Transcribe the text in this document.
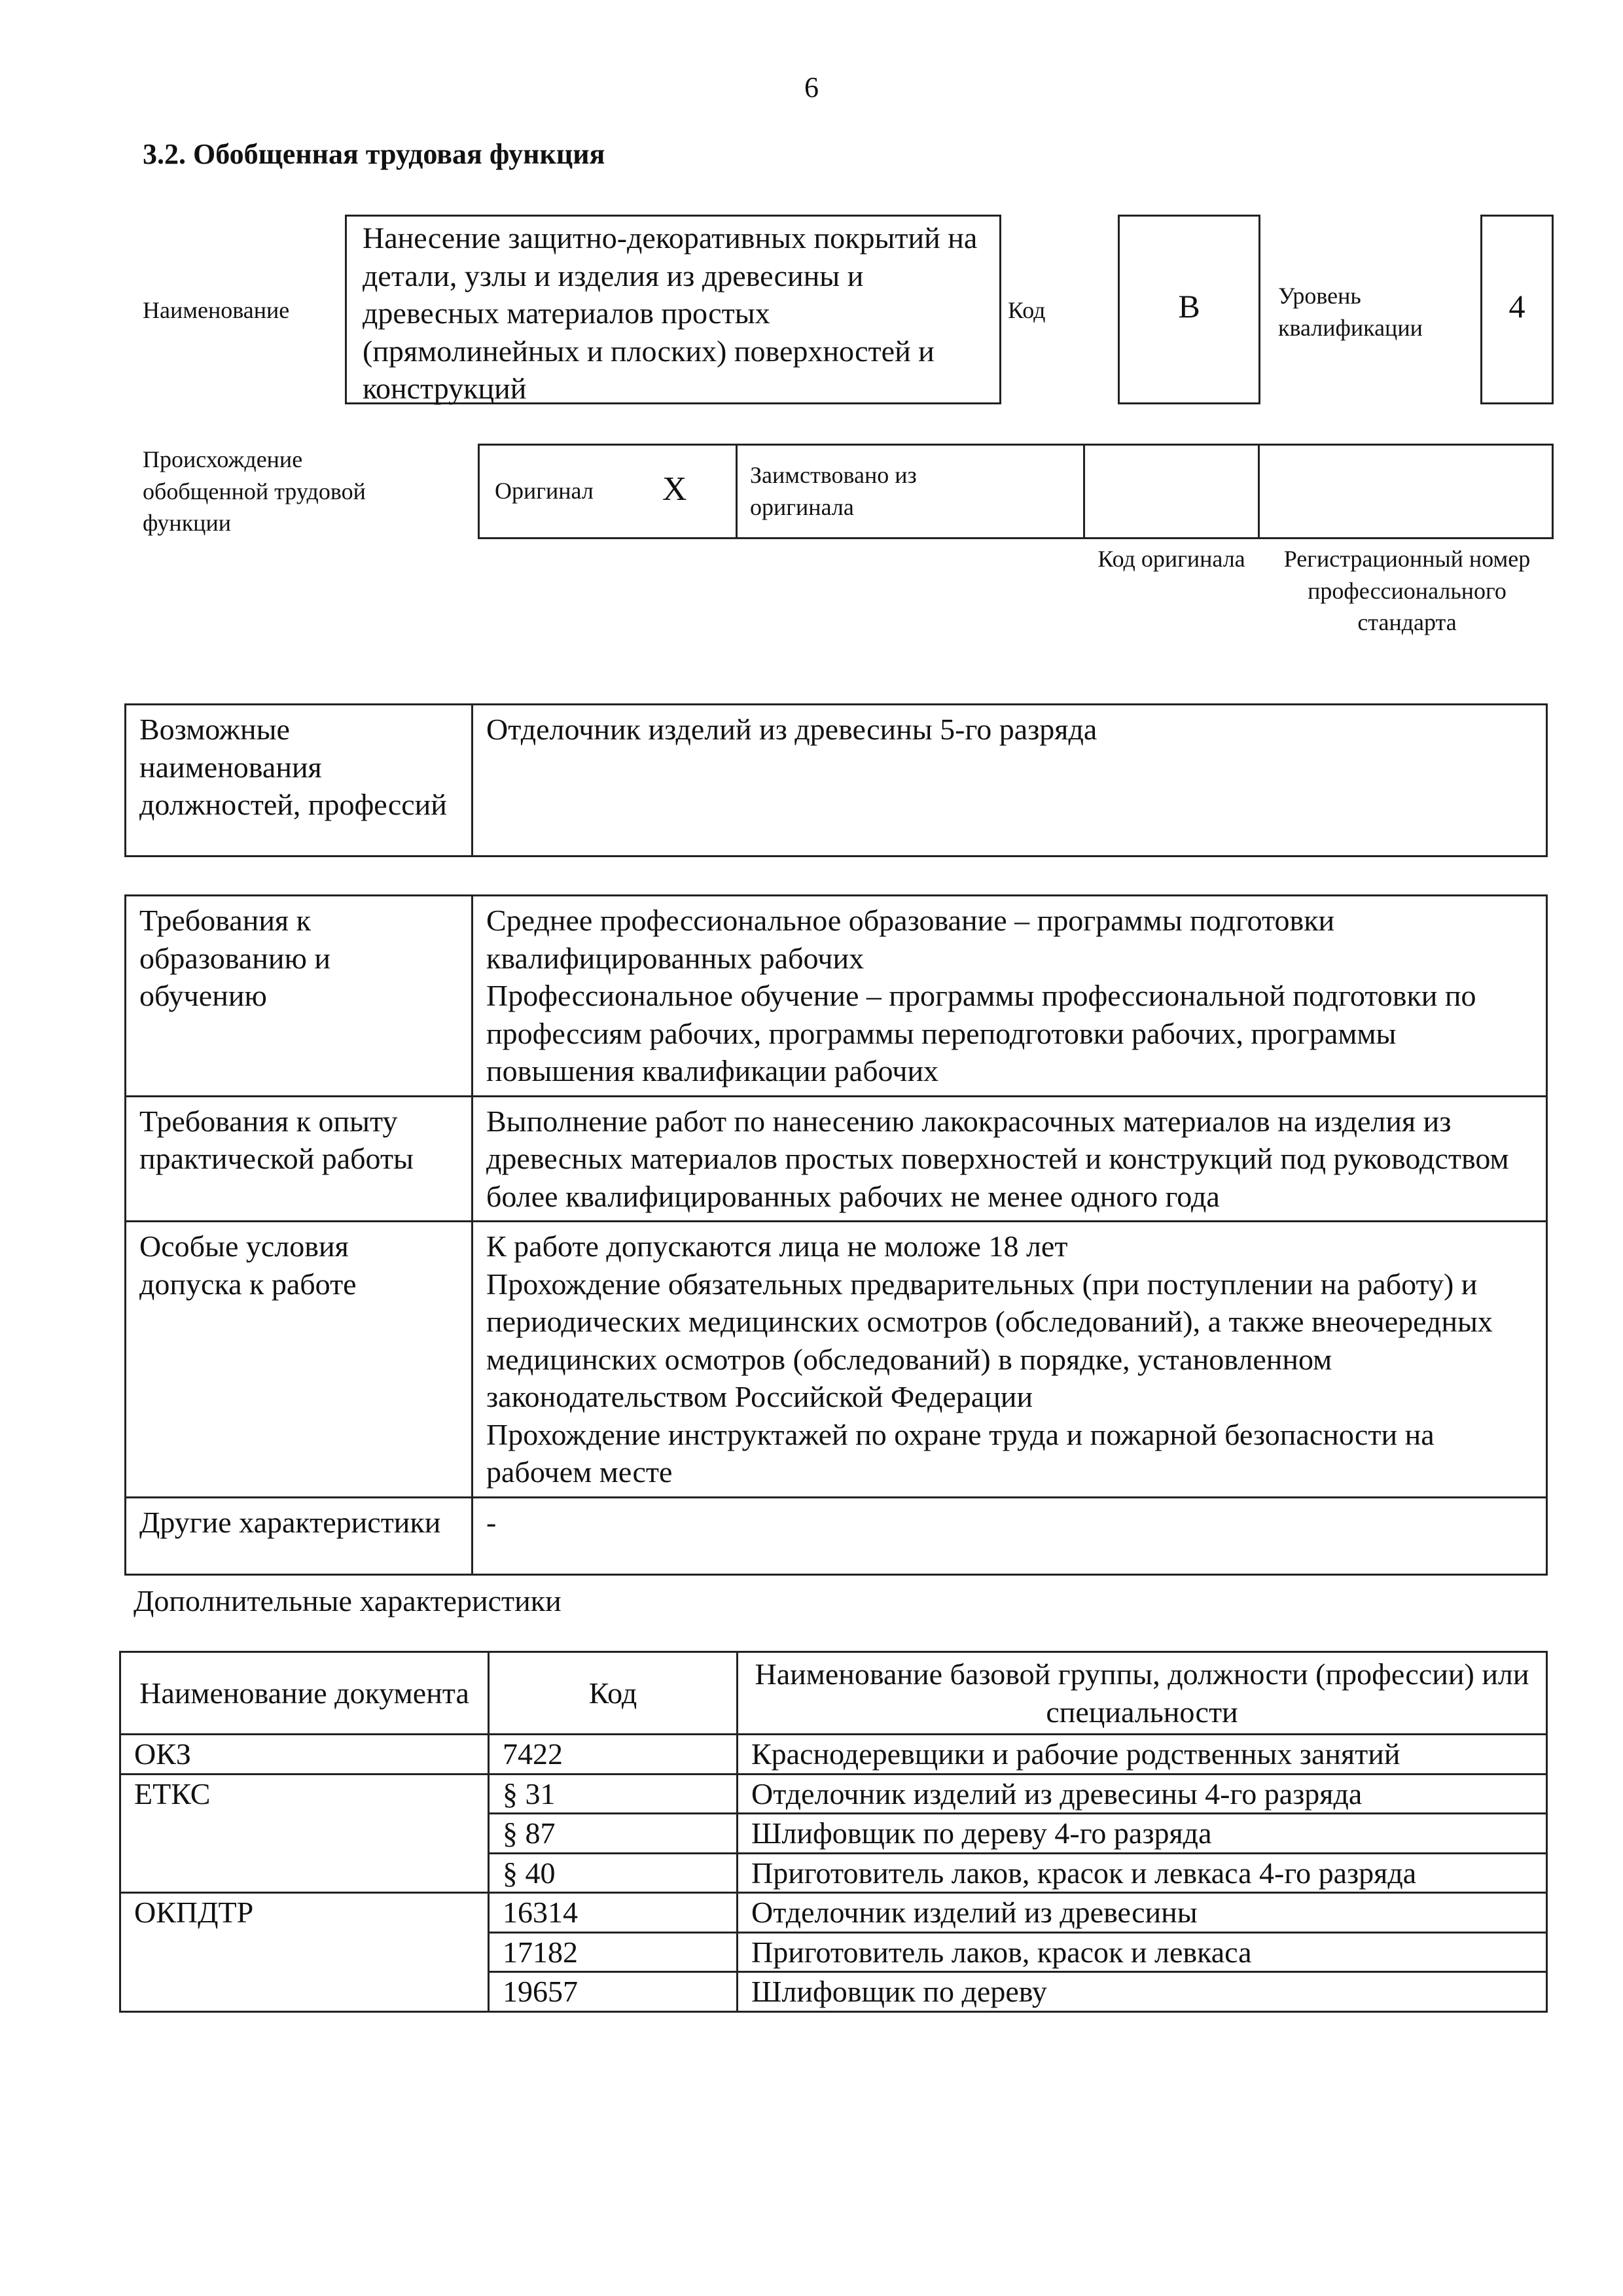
6
3.2. Обобщенная трудовая функция
Наименование
Нанесение защитно-декоративных покрытий на детали, узлы и изделия из древесины и древесных материалов простых (прямолинейных и плоских) поверхностей и конструкций
Код	B	Уровень квалификации
4
Происхождение обобщенной трудовой функции
Оригинал X	Заимствовано из оригинала
Код оригинала	Регистрационный номер профессионального стандарта
Возможные наименования должностей, профессий	Отделочник изделий из древесины 5-го разряда
Требования к образованию и обучению	Среднее профессиональное образование – программы подготовки квалифицированных рабочих
Профессиональное обучение – программы профессиональной подготовки по профессиям рабочих, программы переподготовки рабочих, программы повышения квалификации рабочих

Требования к опыту практической работы	Выполнение работ по нанесению лакокрасочных материалов на изделия из древесных материалов простых поверхностей и конструкций под руководством более квалифицированных рабочих не менее одного года

Особые условия допуска к работе	К работе допускаются лица не моложе 18 лет
Прохождение обязательных предварительных (при поступлении на работу) и периодических медицинских осмотров (обследований), а также внеочередных медицинских осмотров (обследований) в порядке, установленном законодательством Российской Федерации
Прохождение инструктажей по охране труда и пожарной безопасности на рабочем месте

Другие характеристики	-
Дополнительные характеристики
Наименование документа	Код	Наименование базовой группы, должности (профессии) или специальности
ОКЗ	7422	Краснодеревщики и рабочие родственных занятий
ЕТКС	§ 31	Отделочник изделий из древесины 4-го разряда
	§ 87	Шлифовщик по дереву 4-го разряда
	§ 40	Приготовитель лаков, красок и левкаса 4-го разряда
ОКПДТР	16314	Отделочник изделий из древесины
	17182	Приготовитель лаков, красок и левкаса
	19657	Шлифовщик по дереву
